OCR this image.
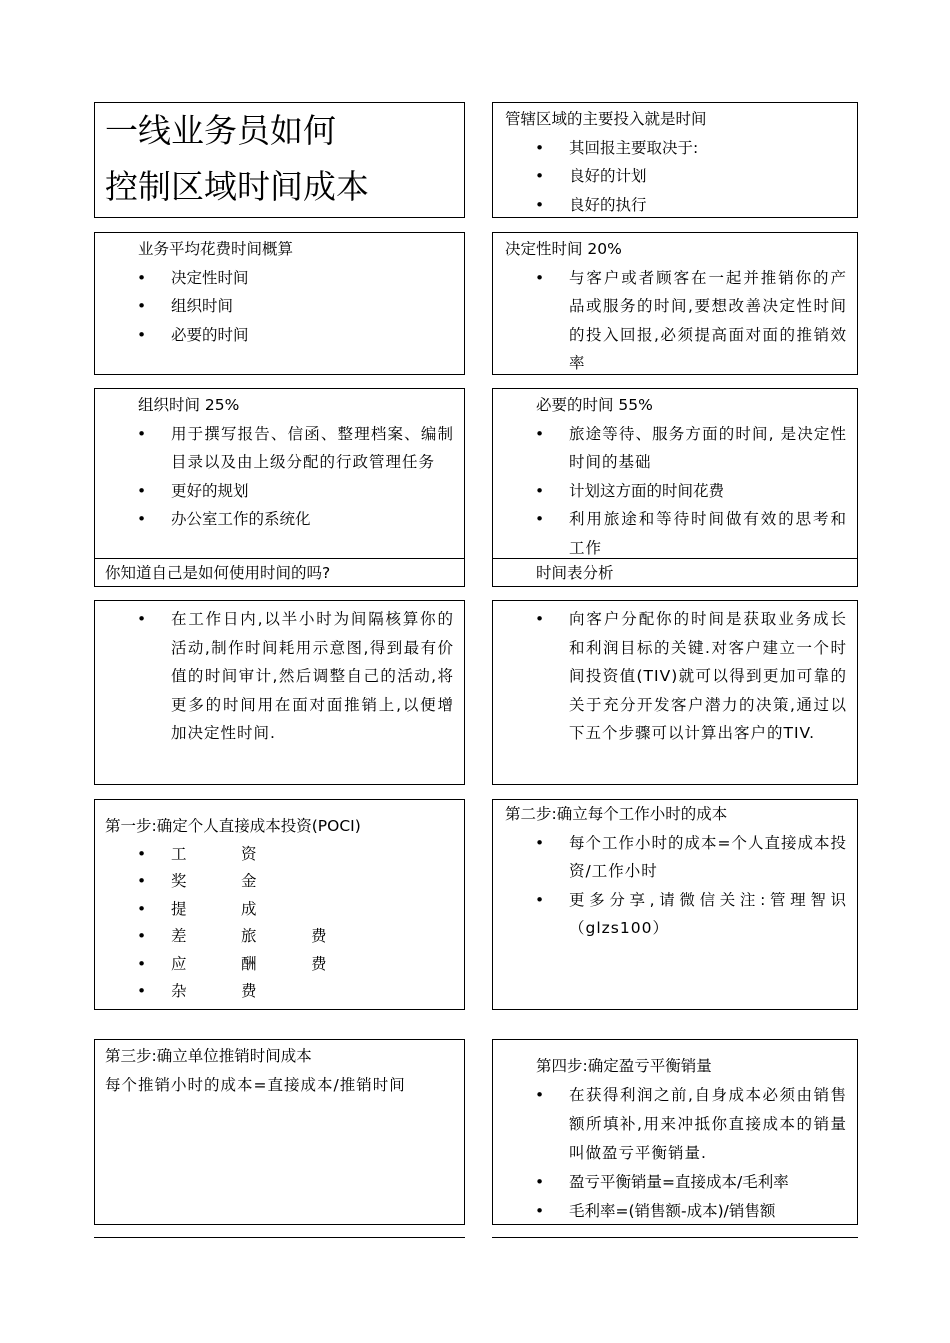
一线业务员如何
控制区域时间成本
管辖区域的主要投入就是时间
• 其回报主要取决于:
• 良好的计划
• 良好的执行
业务平均花费时间概算
• 决定性时间
• 组织时间
• 必要的时间
决定性时间 20%
• 与客户或者顾客在一起并推销你的产品或服务的时间,要想改善决定性时间的投入回报,必须提高面对面的推销效率
组织时间 25%
• 用于撰写报告、信函、整理档案、编制目录以及由上级分配的行政管理任务
• 更好的规划
• 办公室工作的系统化
你知道自己是如何使用时间的吗?
必要的时间 55%
• 旅途等待、服务方面的时间, 是决定性时间的基础
• 计划这方面的时间花费
• 利用旅途和等待时间做有效的思考和工作
时间表分析
• 在工作日内,以半小时为间隔核算你的活动,制作时间耗用示意图,得到最有价值的时间审计,然后调整自己的活动,将更多的时间用在面对面推销上,以便增加决定性时间.
• 向客户分配你的时间是获取业务成长和利润目标的关键.对客户建立一个时间投资值(TIV)就可以得到更加可靠的关于充分开发客户潜力的决策,通过以下五个步骤可以计算出客户的TIV.
第一步:确定个人直接成本投资(POCI)
• 工	资
• 奖	金
• 提	成
• 差	旅	费
• 应	酬	费
• 杂	费
第二步:确立每个工作小时的成本
• 每个工作小时的成本=个人直接成本投资/工作小时
• 更多分享,请微信关注:管理智识（glzs100）
第三步:确立单位推销时间成本
每个推销小时的成本=直接成本/推销时间
第四步:确定盈亏平衡销量
• 在获得利润之前,自身成本必须由销售额所填补,用来冲抵你直接成本的销量叫做盈亏平衡销量.
• 盈亏平衡销量=直接成本/毛利率
• 毛利率=(销售额-成本)/销售额
